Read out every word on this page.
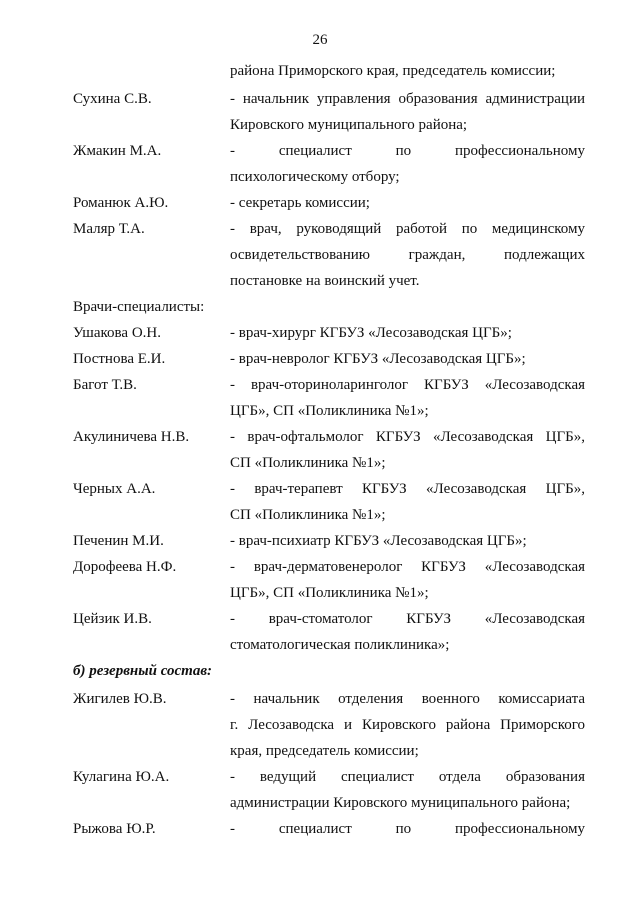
26
района Приморского края, председатель комиссии;
Сухина С.В.	- начальник управления образования администрации
Кировского муниципального района;
Жмакин М.А.	- специалист по профессиональному
психологическому отбору;
Романюк А.Ю.	- секретарь комиссии;
Маляр Т.А.	- врач, руководящий работой по медицинскому
освидетельствованию граждан, подлежащих
постановке на воинский учет.
Врачи-специалисты:
Ушакова О.Н.	- врач-хирург КГБУЗ «Лесозаводская ЦГБ»;
Постнова Е.И.	- врач-невролог КГБУЗ «Лесозаводская ЦГБ»;
Багот Т.В.	- врач-оториноларинголог КГБУЗ «Лесозаводская
ЦГБ», СП «Поликлиника №1»;
Акулиничева Н.В.	- врач-офтальмолог КГБУЗ «Лесозаводская ЦГБ»,
СП «Поликлиника №1»;
Черных А.А.	- врач-терапевт КГБУЗ «Лесозаводская ЦГБ»,
СП «Поликлиника №1»;
Печенин М.И.	- врач-психиатр КГБУЗ «Лесозаводская ЦГБ»;
Дорофеева Н.Ф.	- врач-дерматовенеролог КГБУЗ «Лесозаводская
ЦГБ», СП «Поликлиника №1»;
Цейзик И.В.	- врач-стоматолог КГБУЗ «Лесозаводская
стоматологическая поликлиника»;
б) резервный состав:
Жигилев Ю.В.	- начальник отделения военного комиссариата
г. Лесозаводска и Кировского района Приморского
края, председатель комиссии;
Кулагина Ю.А.	- ведущий специалист отдела образования
администрации Кировского муниципального района;
Рыжова Ю.Р.	- специалист по профессиональному
